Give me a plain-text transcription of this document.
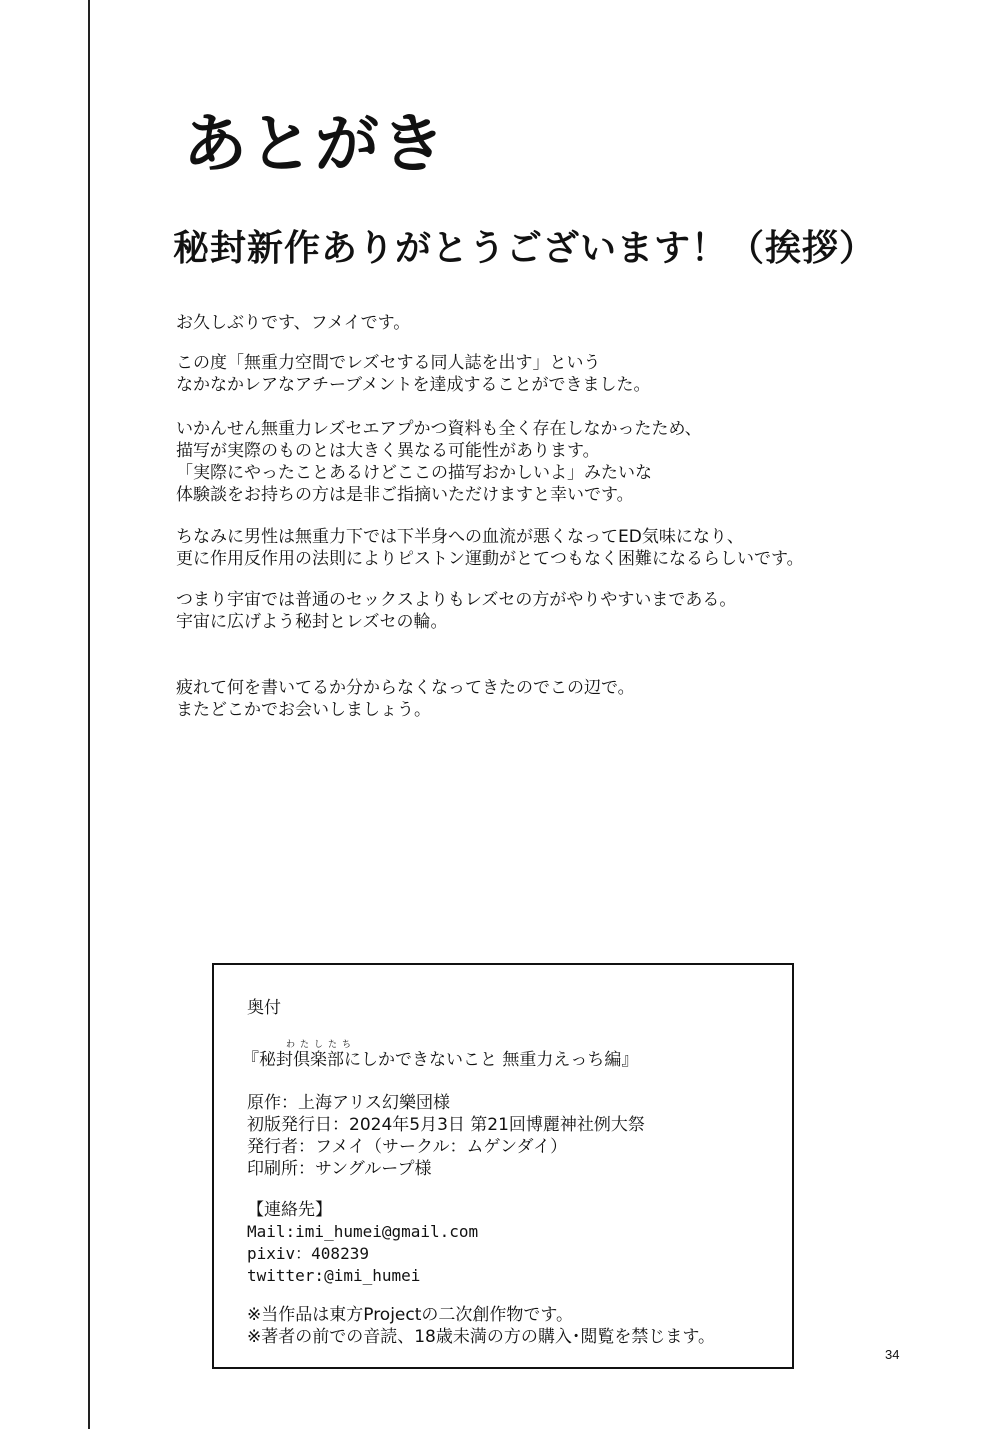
あとがき
秘封新作ありがとうございます！（挨拶）
お久しぶりです、フメイです。
この度「無重力空間でレズセする同人誌を出す」という
なかなかレアなアチーブメントを達成することができました。
いかんせん無重力レズセエアプかつ資料も全く存在しなかったため、
描写が実際のものとは大きく異なる可能性があります。
「実際にやったことあるけどここの描写おかしいよ」みたいな
体験談をお持ちの方は是非ご指摘いただけますと幸いです。
ちなみに男性は無重力下では下半身への血流が悪くなってED気味になり、
更に作用反作用の法則によりピストン運動がとてつもなく困難になるらしいです。
つまり宇宙では普通のセックスよりもレズセの方がやりやすいまである。
宇宙に広げよう秘封とレズセの輪。
疲れて何を書いてるか分からなくなってきたのでこの辺で。
またどこかでお会いしましょう。
奥付
わたしたち
『秘封倶楽部にしかできないこと 無重力えっち編』
原作：上海アリス幻樂団様
初版発行日：2024年5月3日 第21回博麗神社例大祭
発行者：フメイ（サークル：ムゲンダイ）
印刷所：サングループ様
【連絡先】
Mail:imi_humei@gmail.com
pixiv：408239
twitter:@imi_humei
※当作品は東方Projectの二次創作物です。
※著者の前での音読、18歳未満の方の購入･閲覧を禁じます。
34
